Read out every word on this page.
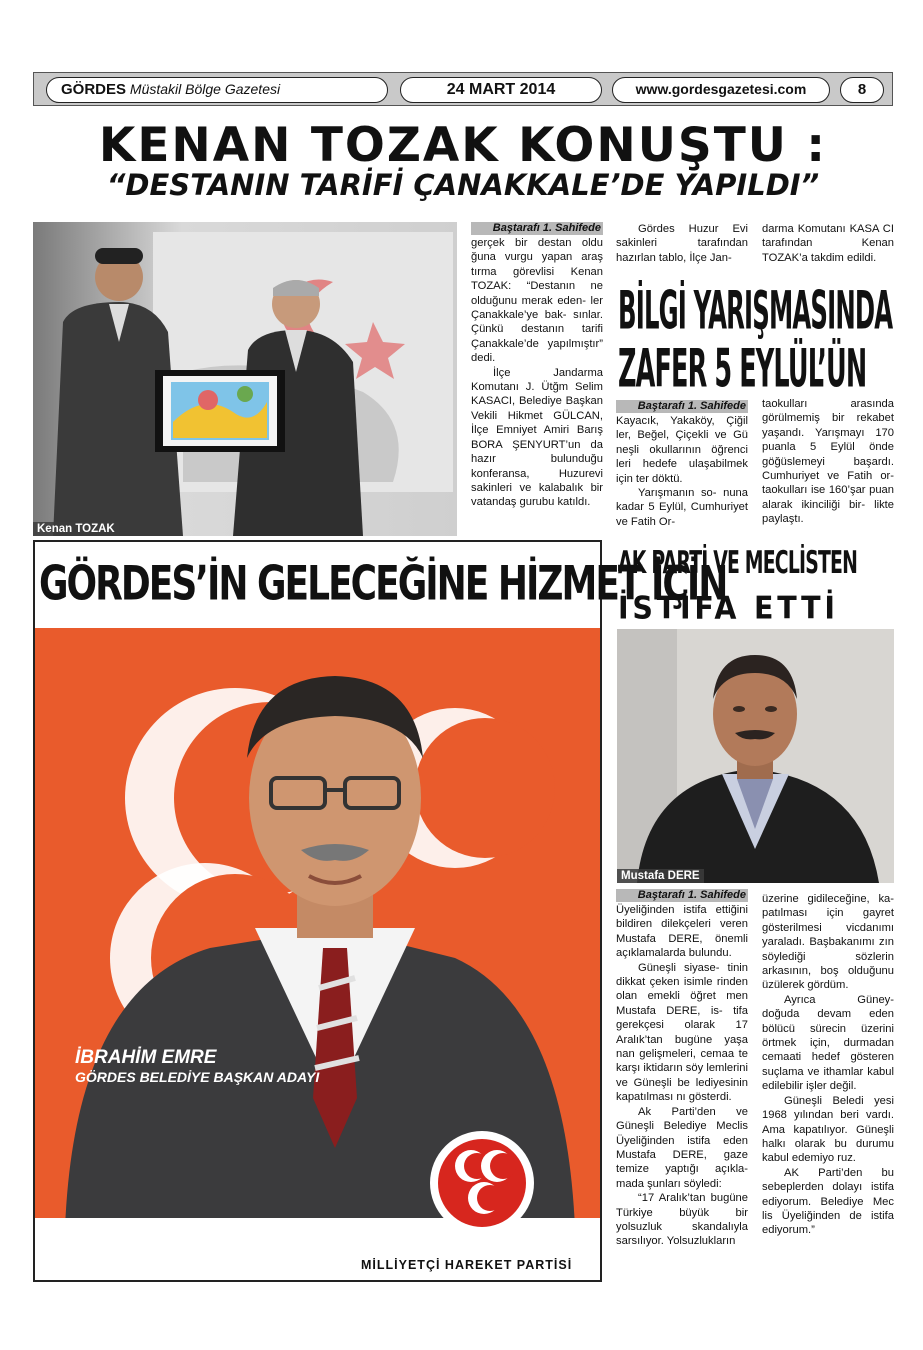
GÖRDES Müstakil Bölge Gazetesi	24 MART 2014	www.gordesgazetesi.com	8
KENAN TOZAK KONUŞTU :
“DESTANIN TARİFİ ÇANAKKALE’DE YAPILDI”
Kenan TOZAK
Baştarafı 1. Sahifede

gerçek bir destan oldu ğuna vurgu yapan araş tırma görevlisi Kenan TOZAK: “Destanın ne olduğunu merak eden- ler Çanakkale’ye bak- sınlar. Çünkü destanın tarifi Çanakkale’de yapılmıştır” dedi.

İlçe Jandarma Komutanı J. Ütğm Selim KASACI, Belediye Başkan Vekili Hikmet GÜLCAN, İlçe Emniyet Amiri Barış BORA ŞENYURT’un da hazır bulunduğu konferansa, Huzurevi sakinleri ve kalabalık bir vatandaş gurubu katıldı.

Gördes Huzur Evi sakinleri tarafından hazırlan tablo, İlçe Jan-

darma Komutanı KASA CI tarafından Kenan TOZAK’a takdim edildi.

BİLGİ YARIŞMASINDA
ZAFER 5 EYLÜL’ÜN
Baştarafı 1. Sahifede

Kayacık, Yakaköy, Çiğil ler, Beğel, Çiçekli ve Gü neşli okullarının öğrenci leri hedefe ulaşabilmek için ter döktü.

Yarışmanın so- nuna kadar 5 Eylül, Cumhuriyet ve Fatih Or-

taokulları arasında görülmemiş bir rekabet yaşandı. Yarışmayı 170 puanla 5 Eylül önde göğüslemeyi başardı. Cumhuriyet ve Fatih or- taokulları ise 160’şar puan alarak ikinciliği bir- likte paylaştı.

AK PARTİ VE MECLİSTEN
İSTİFA ETTİ
Mustafa DERE
Baştarafı 1. Sahifede

Üyeliğinden istifa ettiğini bildiren dilekçeleri veren Mustafa DERE, önemli açıklamalarda bulundu.

Güneşli siyase- tinin dikkat çeken isimle rinden olan emekli öğret men Mustafa DERE, is- tifa gerekçesi olarak 17 Aralık’tan bugüne yaşa nan gelişmeleri, cemaa te karşı iktidarın söy lemlerini ve Güneşli be lediyesinin kapatılması nı gösterdi.

Ak Parti’den ve Güneşli Belediye Meclis Üyeliğinden istifa eden Mustafa DERE, gaze temize yaptığı açıkla- mada şunları söyledi:

“17 Aralık’tan bugüne Türkiye büyük bir yolsuzluk skandalıyla sarsılıyor. Yolsuzlukların

üzerine gidileceğine, ka- patılması için gayret gösterilmesi vicdanımı yaraladı. Başbakanımı zın söylediği sözlerin arkasının, boş olduğunu üzülerek gördüm.

Ayrıca Güney- doğuda devam eden bölücü sürecin üzerini örtmek için, durmadan cemaati hedef gösteren suçlama ve ithamlar kabul edilebilir işler değil.

Güneşli Beledi yesi 1968 yılından beri vardı. Ama kapatılıyor. Güneşli halkı olarak bu durumu kabul edemiyo ruz.

AK Parti’den bu sebeplerden dolayı istifa ediyorum. Belediye Mec lis Üyeliğinden de istifa ediyorum.”

GÖRDES’İN GELECEĞİNE HİZMET İÇİN
İBRAHİM EMRE
GÖRDES BELEDİYE BAŞKAN ADAYI
MİLLİYETÇİ HAREKET PARTİSİ
